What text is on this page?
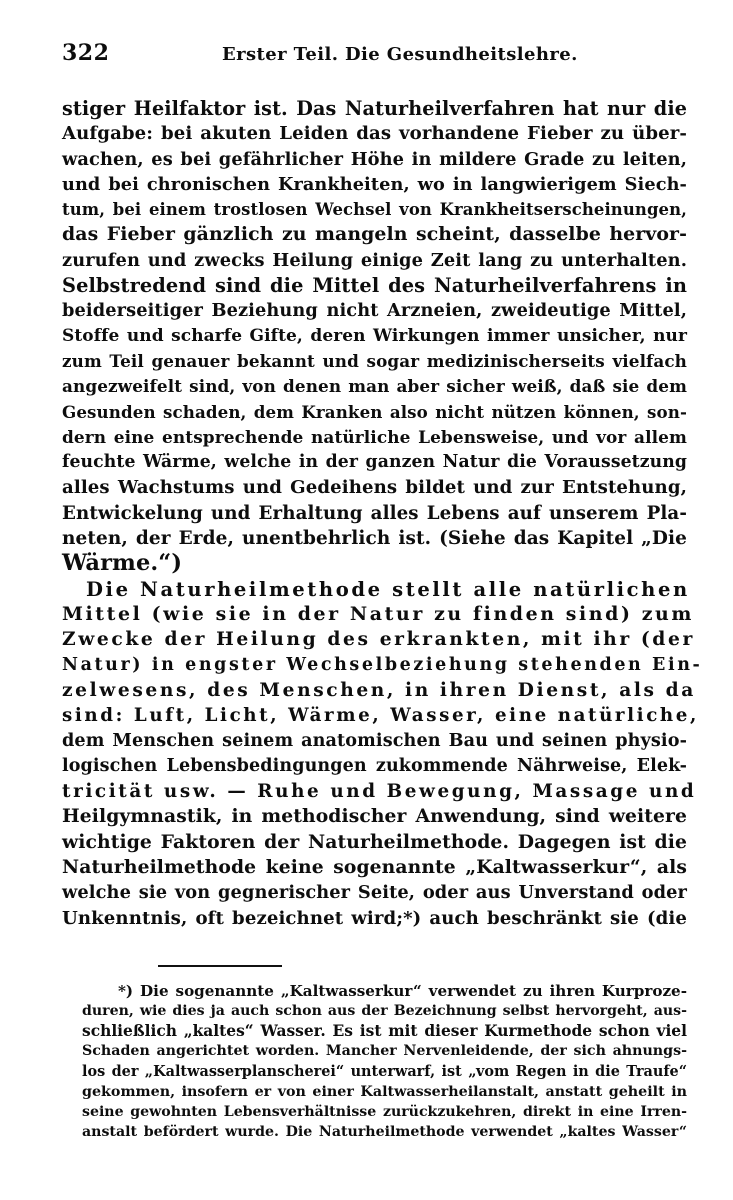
322	Erster Teil. Die Gesundheitslehre.
stiger Heilfaktor ist. Das Naturheilverfahren hat nur die
Aufgabe: bei akuten Leiden das vorhandene Fieber zu über-
wachen, es bei gefährlicher Höhe in mildere Grade zu leiten,
und bei chronischen Krankheiten, wo in langwierigem Siech-
tum, bei einem trostlosen Wechsel von Krankheitserscheinungen,
das Fieber gänzlich zu mangeln scheint, dasselbe hervor-
zurufen und zwecks Heilung einige Zeit lang zu unterhalten.
Selbstredend sind die Mittel des Naturheilverfahrens in
beiderseitiger Beziehung nicht Arzneien, zweideutige Mittel,
Stoffe und scharfe Gifte, deren Wirkungen immer unsicher, nur
zum Teil genauer bekannt und sogar medizinischerseits vielfach
angezweifelt sind, von denen man aber sicher weiß, daß sie dem
Gesunden schaden, dem Kranken also nicht nützen können, son-
dern eine entsprechende natürliche Lebensweise, und vor allem
feuchte Wärme, welche in der ganzen Natur die Voraussetzung
alles Wachstums und Gedeihens bildet und zur Entstehung,
Entwickelung und Erhaltung alles Lebens auf unserem Pla-
neten, der Erde, unentbehrlich ist. (Siehe das Kapitel „Die
Wärme.“)
Die Naturheilmethode stellt alle natürlichen
Mittel (wie sie in der Natur zu finden sind) zum
Zwecke der Heilung des erkrankten, mit ihr (der
Natur) in engster Wechselbeziehung stehenden Ein-
zelwesens, des Menschen, in ihren Dienst, als da
sind: Luft, Licht, Wärme, Wasser, eine natürliche,
dem Menschen seinem anatomischen Bau und seinen physio-
logischen Lebensbedingungen zukommende Nährweise, Elek-
tricität usw. — Ruhe und Bewegung, Massage und
Heilgymnastik, in methodischer Anwendung, sind weitere
wichtige Faktoren der Naturheilmethode. Dagegen ist die
Naturheilmethode keine sogenannte „Kaltwasserkur“, als
welche sie von gegnerischer Seite, oder aus Unverstand oder
Unkenntnis, oft bezeichnet wird;*) auch beschränkt sie (die
*) Die sogenannte „Kaltwasserkur“ verwendet zu ihren Kurproze-
duren, wie dies ja auch schon aus der Bezeichnung selbst hervorgeht, aus-
schließlich „kaltes“ Wasser. Es ist mit dieser Kurmethode schon viel
Schaden angerichtet worden. Mancher Nervenleidende, der sich ahnungs-
los der „Kaltwasserplanscherei“ unterwarf, ist „vom Regen in die Traufe“
gekommen, insofern er von einer Kaltwasserheilanstalt, anstatt geheilt in
seine gewohnten Lebensverhältnisse zurückzukehren, direkt in eine Irren-
anstalt befördert wurde. Die Naturheilmethode verwendet „kaltes Wasser“
